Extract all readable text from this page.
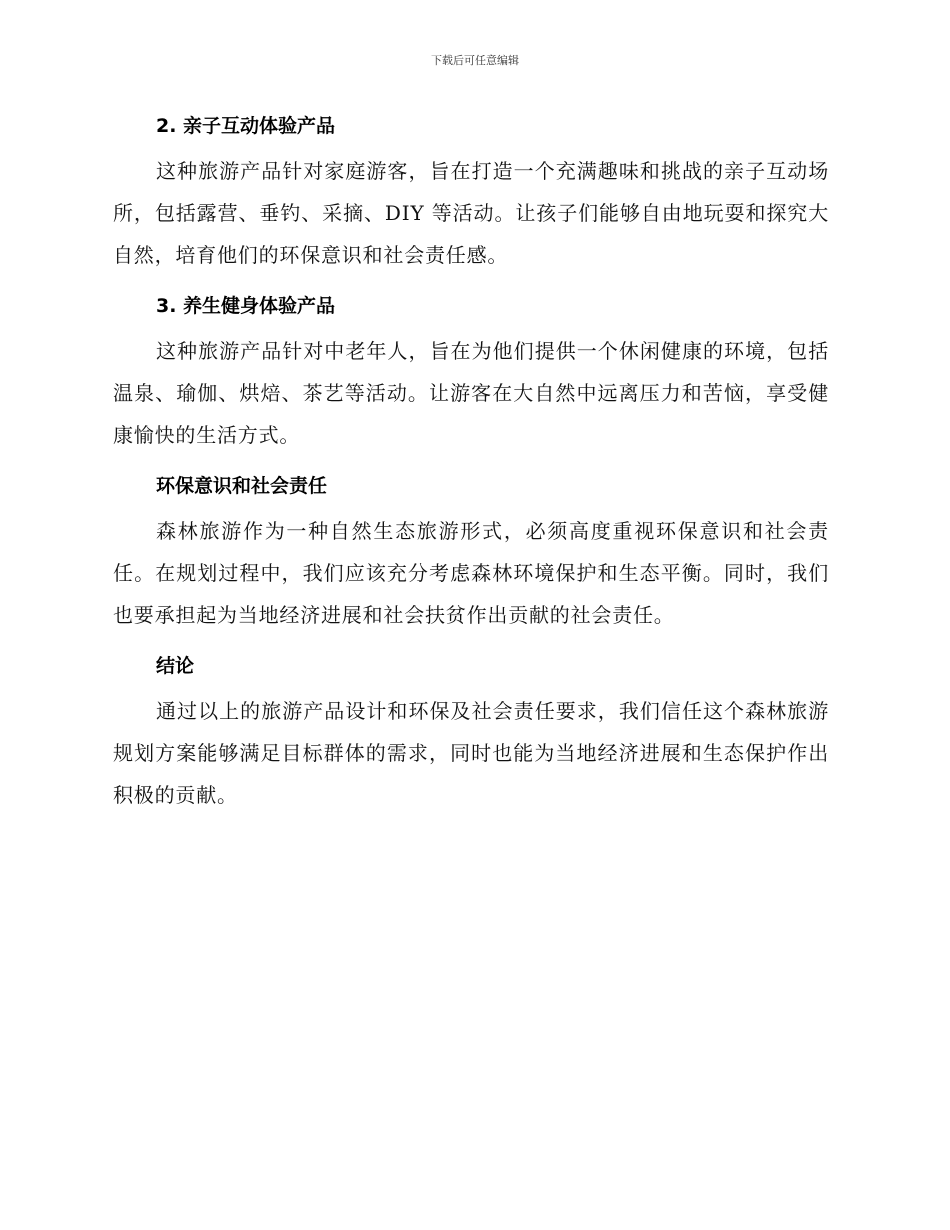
下载后可任意编辑
2. 亲子互动体验产品

这种旅游产品针对家庭游客，旨在打造一个充满趣味和挑战的亲子互动场所，包括露营、垂钓、采摘、DIY 等活动。让孩子们能够自由地玩耍和探究大自然，培育他们的环保意识和社会责任感。

3. 养生健身体验产品

这种旅游产品针对中老年人，旨在为他们提供一个休闲健康的环境，包括温泉、瑜伽、烘焙、茶艺等活动。让游客在大自然中远离压力和苦恼，享受健康愉快的生活方式。

环保意识和社会责任

森林旅游作为一种自然生态旅游形式，必须高度重视环保意识和社会责任。在规划过程中，我们应该充分考虑森林环境保护和生态平衡。同时，我们也要承担起为当地经济进展和社会扶贫作出贡献的社会责任。

结论

通过以上的旅游产品设计和环保及社会责任要求，我们信任这个森林旅游规划方案能够满足目标群体的需求，同时也能为当地经济进展和生态保护作出积极的贡献。
